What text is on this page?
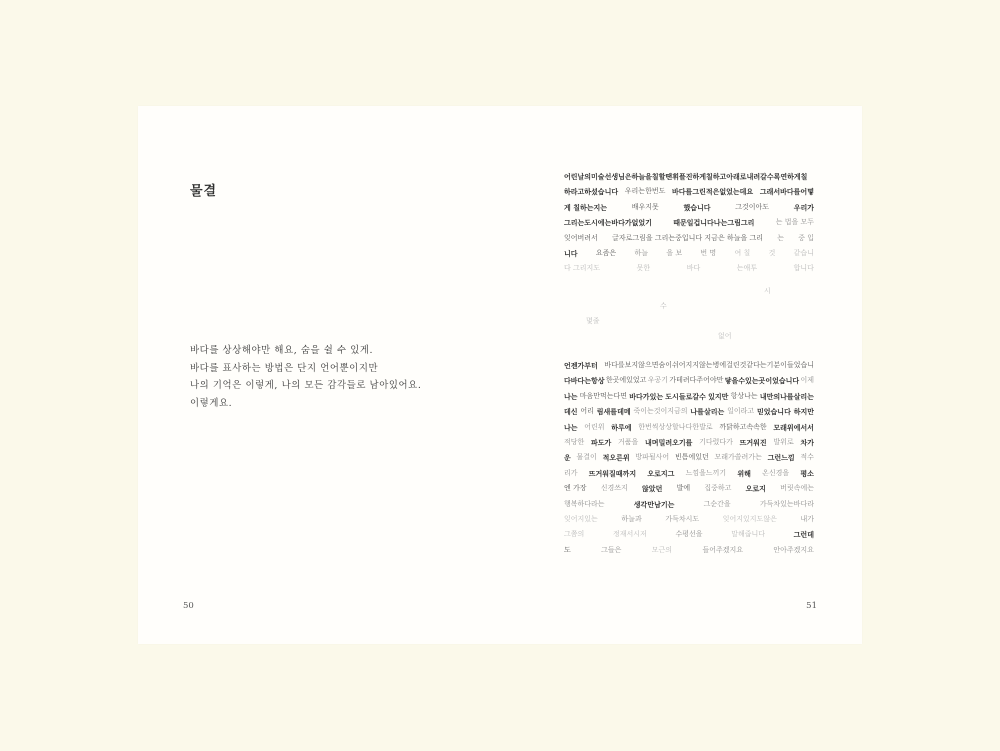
물결
바다를 상상해야만 해요, 숨을 쉴 수 있게.
바다를 표사하는 방법은 단지 언어뿐이지만
나의 기억은 이렇게, 나의 모든 감각들로 남아있어요.
이렇게요.
50	51
어린날의미술선생님은하늘을칠할땐휘플진하게칠하고아래로내려갈수록연하게칠
하라고하셨습니다 우리는한번도 바다를그린적은없었는데요 그래서바다를어떻
게 칠하는지는	배우지못	했습니다	그것이아도	우리가
그리는도시에는바다가없었기	때문일겁니다나는그림그리	는 법을 모두
잊어버려서 글자로그림을 그리는중입니다 지금은 하늘을 그리 는 중 입
니다	요즘은	하늘	을 보	번 명	여 칠	것	같습니
다 그리지도	못한	바다	는애투	합니다
시
수
몇줄
없어
언젠가부터 바다를보지않으면숨이쉬어지지않는병에걸린것같다는기분이들었습니
다바다는항상 한곳에있었고 우공기 가테려다주어야만 닿을수있는곳이었습니다 이제
나는 마음만먹는다면 바다가있는 도시들로갈수 있지만 항상나는 내만의나를살리는
데신 어리 림새를데메 죽이는것이지금의 나를살리는 일이라고 믿었습니다 하지만
나는 어린위 하루에 한번씩상상할나다한발로 까닭하고속속한 모래위에서서
적당한 파도가 거품을 내며밀려오기를 기다렸다가 뜨거워진 발위로 차가
운 물결이 적오른위 방파될사어 빈틈에있던 모래가쓸려가는 그런느낌 적수
리가 뜨거워질때까지 오로지그 느낌을느끼기 위해 온신경을 평소
엔 가장 신경쓰지 않았던 발에 집중하고 오로지 버릿속에는
행복하다라는	생각만남기는	그순간을	가득차있는바다라
잊어지있는	하늘과	가득차시도	잊어지있지도않은	내가
그쯤의	정재서시저	수평선을	말해줍니다	그런데
도	그들은	모근의	들어주겠지요	안아주겠지요
